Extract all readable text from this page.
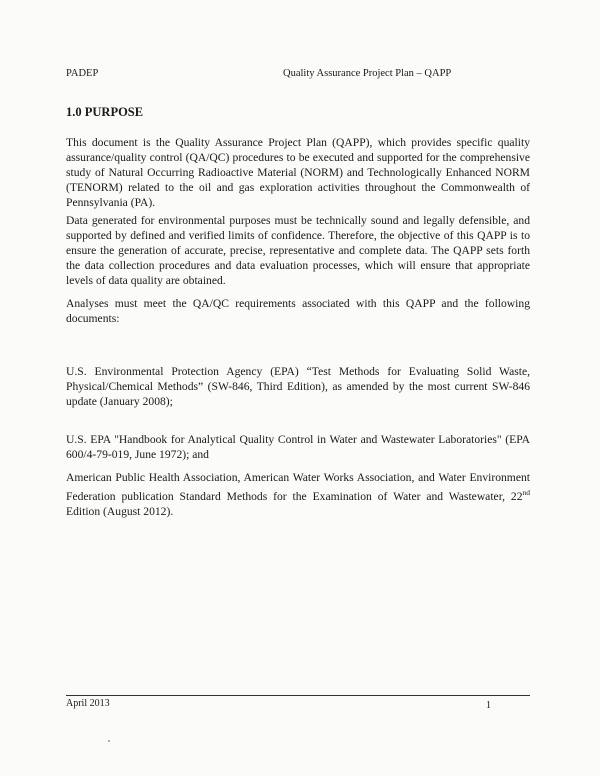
PADEP	Quality Assurance Project Plan – QAPP
1.0 PURPOSE

This document is the Quality Assurance Project Plan (QAPP), which provides specific quality assurance/quality control (QA/QC) procedures to be executed and supported for the comprehensive study of Natural Occurring Radioactive Material (NORM) and Technologically Enhanced NORM (TENORM) related to the oil and gas exploration activities throughout the Commonwealth of Pennsylvania (PA).

Data generated for environmental purposes must be technically sound and legally defensible, and supported by defined and verified limits of confidence. Therefore, the objective of this QAPP is to ensure the generation of accurate, precise, representative and complete data. The QAPP sets forth the data collection procedures and data evaluation processes, which will ensure that appropriate levels of data quality are obtained.

Analyses must meet the QA/QC requirements associated with this QAPP and the following documents:

U.S. Environmental Protection Agency (EPA) “Test Methods for Evaluating Solid Waste, Physical/Chemical Methods” (SW-846, Third Edition), as amended by the most current SW-846 update (January 2008);

U.S. EPA "Handbook for Analytical Quality Control in Water and Wastewater Laboratories" (EPA 600/4-79-019, June 1972); and

American Public Health Association, American Water Works Association, and Water Environment Federation publication Standard Methods for the Examination of Water and Wastewater, 22nd Edition (August 2012).

April 2013	1
